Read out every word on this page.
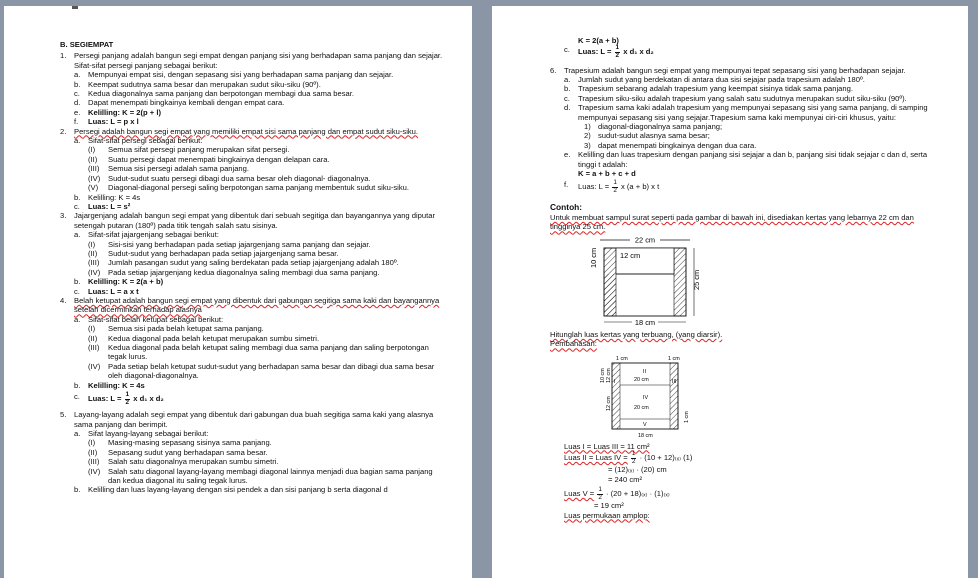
B. SEGIEMPAT
1.	Persegi panjang adalah bangun segi empat dengan panjang sisi yang berhadapan sama panjang dan sejajar. Sifat-sifat persegi panjang sebagai berikut:
a.	Mempunyai empat sisi, dengan sepasang sisi yang berhadapan sama panjang dan sejajar.
b.	Keempat sudutnya sama besar dan merupakan sudut siku-siku (90º).
c.	Kedua diagonalnya sama panjang dan berpotongan membagi dua sama besar.
d.	Dapat menempati bingkainya kembali dengan empat cara.
e.	Kelilling: K = 2(p + l)
f.	Luas: L = p x l
2.	Persegi adalah bangun segi empat yang memiliki empat sisi sama panjang dan empat sudut siku-siku.
a.	Sifat-sifat persegi sebagai berikut:
(I)	Semua sifat persegi panjang merupakan sifat persegi.
(II)	Suatu persegi dapat menempati bingkainya dengan delapan cara.
(III)	Semua sisi persegi adalah sama panjang.
(IV)	Sudut-sudut suatu persegi dibagi dua sama besar oleh diagonal- diagonalnya.
(V)	Diagonal-diagonal persegi saling berpotongan sama panjang membentuk sudut siku-siku.
b.	Kelilling: K = 4s
c.	Luas: L = s²
3.	Jajargenjang adalah bangun segi empat yang dibentuk dari sebuah segitiga dan bayangannya yang diputar setengah putaran (180º) pada titik tengah salah satu sisinya.
a.	Sifat-sifat jajargenjang sebagai berikut:
(I)	Sisi-sisi yang berhadapan pada setiap jajargenjang sama panjang dan sejajar.
(II)	Sudut-sudut yang berhadapan pada setiap jajargenjang sama besar.
(III)	Jumlah pasangan sudut yang saling berdekatan pada setiap jajargenjang adalah 180º.
(IV)	Pada setiap jajargenjang kedua diagonalnya saling membagi dua sama panjang.
b.	Kelilling: K = 2(a + b)
c.	Luas: L = a x t
4.	Belah ketupat adalah bangun segi empat yang dibentuk dari gabungan segitiga sama kaki dan bayangannya setelah dicerminkan terhadap alasnya
a.	Sifat-sifat belah ketupat sebagai berikut:
(I)	Semua sisi pada belah ketupat sama panjang.
(II)	Kedua diagonal pada belah ketupat merupakan sumbu simetri.
(III)	Kedua diagonal pada belah ketupat saling membagi dua sama panjang dan saling berpotongan tegak lurus.
(IV)	Pada setiap belah ketupat sudut-sudut yang berhadapan sama besar dan dibagi dua sama besar oleh diagonal-diagonalnya.
b.	Kelilling: K = 4s
c.	Luas: $L = \frac{1}{2}$ x d₁ x d₂
5.	Layang-layang adalah segi empat yang dibentuk dari gabungan dua buah segitiga sama kaki yang alasnya sama panjang dan berimpit.
a.	Sifat layang-layang sebagai berikut:
(I)	Masing-masing sepasang sisinya sama panjang.
(II)	Sepasang sudut yang berhadapan sama besar.
(III)	Salah satu diagonalnya merupakan sumbu simetri.
(IV)	Salah satu diagonal layang-layang membagi diagonal lainnya menjadi dua bagian sama panjang dan kedua diagonal itu saling tegak lurus.
b.	Kelilling dan luas layang-layang dengan sisi pendek a dan sisi panjang b serta diagonal d
K = 2(a + b)
c.	Luas: $L = \frac{1}{2}$ x d₁ x d₂
6.	Trapesium adalah bangun segi empat yang mempunyai tepat sepasang sisi yang berhadapan sejajar.
a.	Jumlah sudut yang berdekatan di antara dua sisi sejajar pada trapesium adalah 180º.
b.	Trapesium sebarang adalah trapesium yang keempat sisinya tidak sama panjang.
c.	Trapesium siku-siku adalah trapesium yang salah satu sudutnya merupakan sudut siku-siku (90º).
d.	Trapesium sama kaki adalah trapesium yang mempunyai sepasang sisi yang sama panjang, di samping mempunyai sepasang sisi yang sejajar.Trapesium sama kaki mempunyai ciri-ciri khusus, yaitu:
1) diagonal-diagonalnya sama panjang;
2) sudut-sudut alasnya sama besar;
3) dapat menempati bingkainya dengan dua cara.
e.	Kelilling dan luas trapesium dengan panjang sisi sejajar a dan b, panjang sisi tidak sejajar c dan d, serta tinggi t adalah:
K = a + b + c + d
f.	Luas: $L = \frac{1}{2}$ x (a + b) x t
Contoh:
Untuk membuat sampul surat seperti pada gambar di bawah ini, disediakan kertas yang lebarnya 22 cm dan tingginya 25 cm.
22 cm
12 cm
10 cm
25 cm
18 cm
Hitunglah luas kertas yang terbuang, (yang diarsir).
Pembahasan:
1 cm	1 cm
II
20 cm
IV
20 cm
V
I	III
10 cm 12 cm
12 cm
1 cm
18 cm
Luas I = Luas III = 11 cm²
Luas II = Luas IV = $\frac{1}{2} \cdot (10 + 12)_{(x)}$ (1)
= (12)₍ₓ₎ · (20) cm
= 240 cm²
Luas $V = \frac{1}{2} \cdot (20 + 18)_{(x)} \cdot (1)_{(x)}$
= 19 cm²
Luas permukaan amplop:
